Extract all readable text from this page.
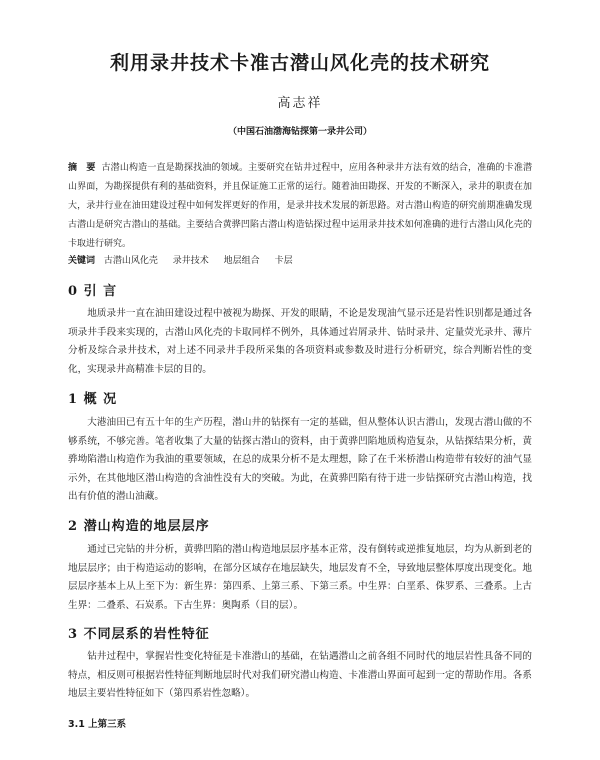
利用录井技术卡准古潜山风化壳的技术研究
高志祥
（中国石油渤海钻探第一录井公司）
摘　要 古潜山构造一直是勘探找油的领域。主要研究在钻井过程中，应用各种录井方法有效的结合，准确的卡准潜山界面，为勘探提供有利的基础资料，并且保证施工正常的运行。随着油田勘探、开发的不断深入，录井的职责在加大，录井行业在油田建设过程中如何发挥更好的作用，是录井技术发展的新思路。对古潜山构造的研究前期准确发现古潜山是研究古潜山的基础。主要结合黄骅凹陷古潜山构造钻探过程中运用录井技术如何准确的进行古潜山风化壳的卡取进行研究。
关键词 古潜山风化壳 录井技术 地层组合 卡层
0 引 言
地质录井一直在油田建设过程中被视为勘探、开发的眼睛，不论是发现油气显示还是岩性识别都是通过各项录井手段来实现的，古潜山风化壳的卡取同样不例外，具体通过岩屑录井、钻时录井、定量荧光录井、薄片分析及综合录井技术，对上述不同录井手段所采集的各项资料或参数及时进行分析研究，综合判断岩性的变化，实现录井高精准卡层的目的。
1 概 况
大港油田已有五十年的生产历程，潜山井的钻探有一定的基础，但从整体认识古潜山，发现古潜山做的不够系统，不够完善。笔者收集了大量的钻探古潜山的资料，由于黄骅凹陷地质构造复杂，从钻探结果分析，黄骅坳陷潜山构造作为我油的重要领域，在总的成果分析不是太理想，除了在千米桥潜山构造带有较好的油气显示外，在其他地区潜山构造的含油性没有大的突破。为此，在黄骅凹陷有待于进一步钻探研究古潜山构造，找出有价值的潜山油藏。
2 潜山构造的地层层序
通过已完钻的井分析，黄骅凹陷的潜山构造地层层序基本正常，没有倒转或逆推复地层，均为从新到老的地层层序；由于构造运动的影响，在部分区域存在地层缺失，地层发育不全，导致地层整体厚度出现变化。地层层序基本上从上至下为：新生界：第四系、上第三系、下第三系。中生界：白垩系、侏罗系、三叠系。上古生界：二叠系、石炭系。下古生界：奥陶系（目的层）。
3 不同层系的岩性特征
钻井过程中，掌握岩性变化特征是卡准潜山的基础，在钻遇潜山之前各组不同时代的地层岩性具备不同的特点，相反则可根据岩性特征判断地层时代对我们研究潜山构造、卡准潜山界面可起到一定的帮助作用。各系地层主要岩性特征如下（第四系岩性忽略）。
3.1 上第三系
